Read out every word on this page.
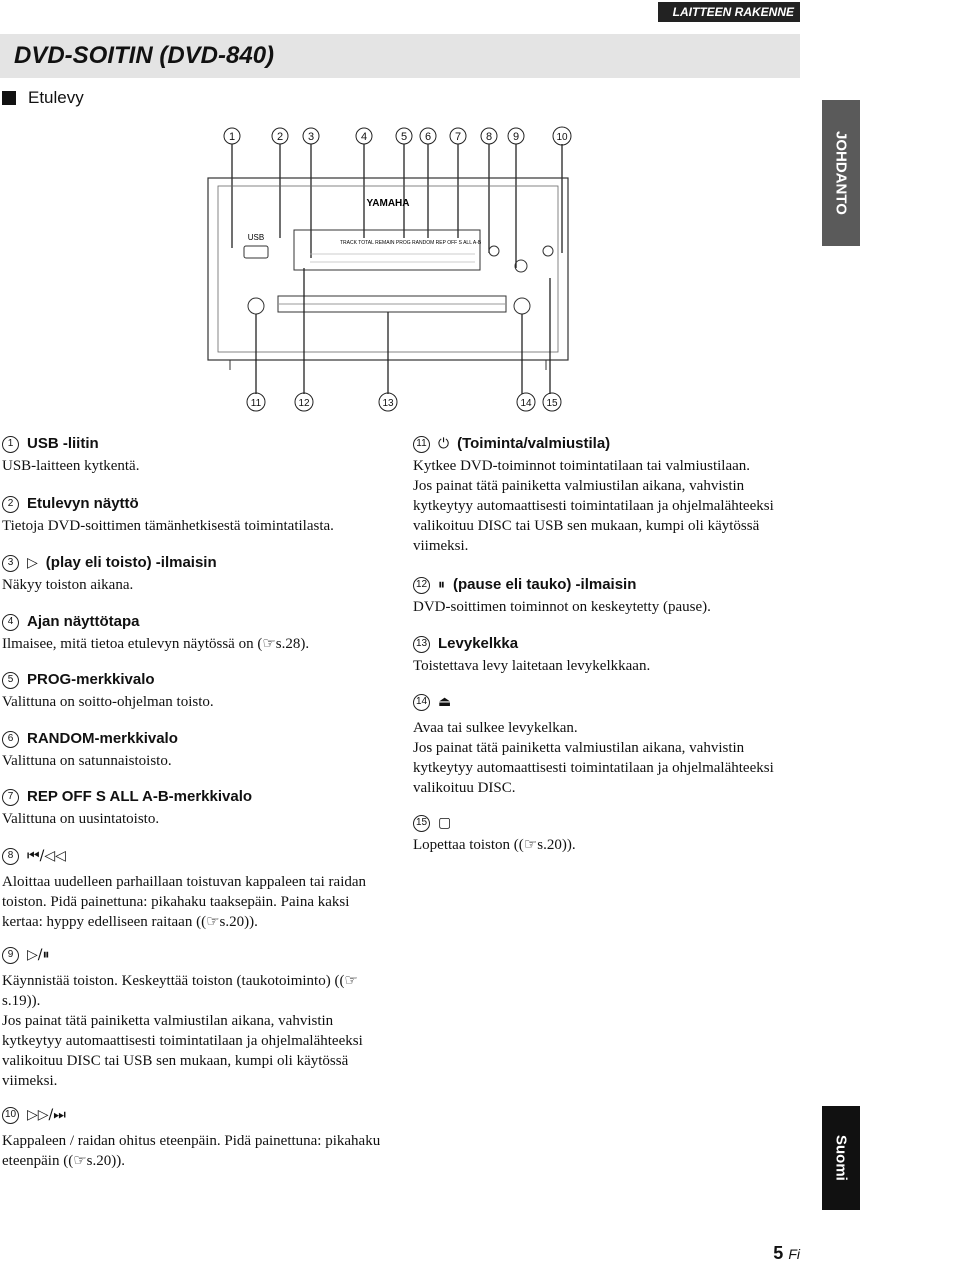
LAITTEEN RAKENNE
DVD-SOITIN (DVD-840)
Etulevy
JOHDANTO
Suomi
1	2 3	4	5 6 7 8 9	10
YAMAHA
USB
TRACK TOTAL REMAIN PROG RANDOM REP OFF S ALL A-B
11	12	13	14 15
1 USB -liitin

USB-laitteen kytkentä.

2 Etulevyn näyttö

Tietoja DVD-soittimen tämänhetkisestä toimintatilasta.

3 ▷ (play eli toisto) -ilmaisin

Näkyy toiston aikana.

4 Ajan näyttötapa

Ilmaisee, mitä tietoa etulevyn näytössä on (☞s.28).

5 PROG-merkkivalo

Valittuna on soitto-ohjelman toisto.

6 RANDOM-merkkivalo

Valittuna on satunnaistoisto.

7 REP OFF S ALL A-B-merkkivalo

Valittuna on uusintatoisto.

8 ⏮/◁◁

Aloittaa uudelleen parhaillaan toistuvan kappaleen tai raidan toiston. Pidä painettuna: pikahaku taaksepäin. Paina kaksi kertaa: hyppy edelliseen raitaan ((☞s.20)).

9 ▷/⏸

Käynnistää toiston. Keskeyttää toiston (taukotoiminto) ((☞s.19)).

Jos painat tätä painiketta valmiustilan aikana, vahvistin kytkeytyy automaattisesti toimintatilaan ja ohjelmalähteeksi valikoituu DISC tai USB sen mukaan, kumpi oli käytössä viimeksi.

10 ▷▷/⏭

Kappaleen / raidan ohitus eteenpäin. Pidä painettuna: pikahaku eteenpäin ((☞s.20)).

11 ⏻ (Toiminta/valmiustila)

Kytkee DVD-toiminnot toimintatilaan tai valmiustilaan.

Jos painat tätä painiketta valmiustilan aikana, vahvistin kytkeytyy automaattisesti toimintatilaan ja ohjelmalähteeksi valikoituu DISC tai USB sen mukaan, kumpi oli käytössä viimeksi.

12 ⏸ (pause eli tauko) -ilmaisin

DVD-soittimen toiminnot on keskeytetty (pause).

13 Levykelkka

Toistettava levy laitetaan levykelkkaan.

14 ⏏

Avaa tai sulkee levykelkan.

Jos painat tätä painiketta valmiustilan aikana, vahvistin kytkeytyy automaattisesti toimintatilaan ja ohjelmalähteeksi valikoituu DISC.

15 ▢

Lopettaa toiston ((☞s.20)).

5 Fi
